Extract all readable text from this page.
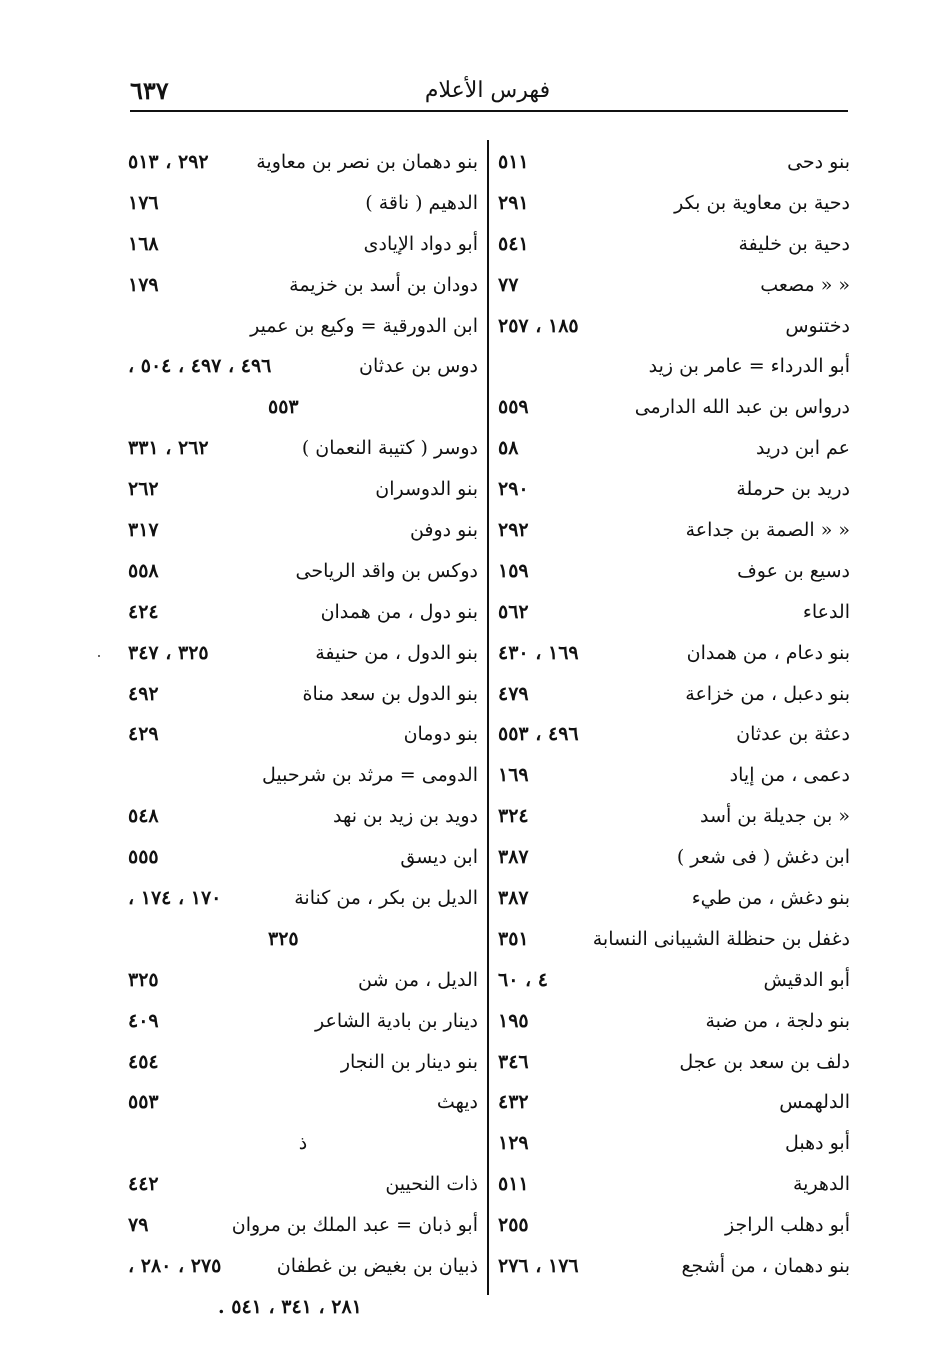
فهرس الأعلام
٦٣٧
بنو دحى
٥١١
دحية بن معاوية بن بكر
٢٩١
دحية بن خليفة
٥٤١
« « مصعب
٧٧
دختنوس
١٨٥ ، ٢٥٧
أبو الدرداء = عامر بن زيد
درواس بن عبد الله الدارمى
٥٥٩
عم ابن دريد
٥٨
دريد بن حرملة
٢٩٠
« « الصمة بن جداعة
٢٩٢
دسيع بن عوف
١٥٩
الدعاء
٥٦٢
بنو دعام ، من همدان
١٦٩ ، ٤٣٠
بنو دعبل ، من خزاعة
٤٧٩
دعثة بن عدثان
٤٩٦ ، ٥٥٣
دعمى ، من إياد
١٦٩
« بن جديلة بن أسد
٣٢٤
ابن دغش ( فى شعر )
٣٨٧
بنو دغش ، من طيء
٣٨٧
دغفل بن حنظلة الشيبانى النسابة
٣٥١
أبو الدقيش
٤ ، ٦٠
بنو دلجة ، من ضبة
١٩٥
دلف بن سعد بن عجل
٣٤٦
الدلهمس
٤٣٢
أبو دهبل
١٢٩
الدهرية
٥١١
أبو دهلب الراجز
٢٥٥
بنو دهمان ، من أشجع
١٧٦ ، ٢٧٦
بنو دهمان بن نصر بن معاوية
٢٩٢ ، ٥١٣
الدهيم ( ناقة )
١٧٦
أبو دواد الإيادى
١٦٨
دودان بن أسد بن خزيمة
١٧٩
ابن الدورقية = وكيع بن عمير
دوس بن عدثان
٤٩٦ ، ٤٩٧ ، ٥٠٤ ،
٥٥٣
دوسر ( كتيبة النعمان )
٢٦٢ ، ٣٣١
بنو الدوسران
٢٦٢
بنو دوفن
٣١٧
دوكس بن واقد الرياحى
٥٥٨
بنو دول ، من همدان
٤٢٤
بنو الدول ، من حنيفة
٣٢٥ ، ٣٤٧
بنو الدول بن سعد مناة
٤٩٢
بنو دومان
٤٢٩
الدومى = مرثد بن شرحبيل
دويد بن زيد بن نهد
٥٤٨
ابن ديسق
٥٥٥
الديل بن بكر ، من كنانة
١٧٠ ، ١٧٤ ،
٣٢٥
الديل ، من شن
٣٢٥
دينار بن بادية الشاعر
٤٠٩
بنو دينار بن النجار
٤٥٤
ديهث
٥٥٣
ذ
ذات النحيين
٤٤٢
أبو ذبان = عبد الملك بن مروان
٧٩
ذبيان بن بغيض بن غطفان
٢٧٥ ، ٢٨٠ ،
٢٨١ ، ٣٤١ ، ٥٤١ .
